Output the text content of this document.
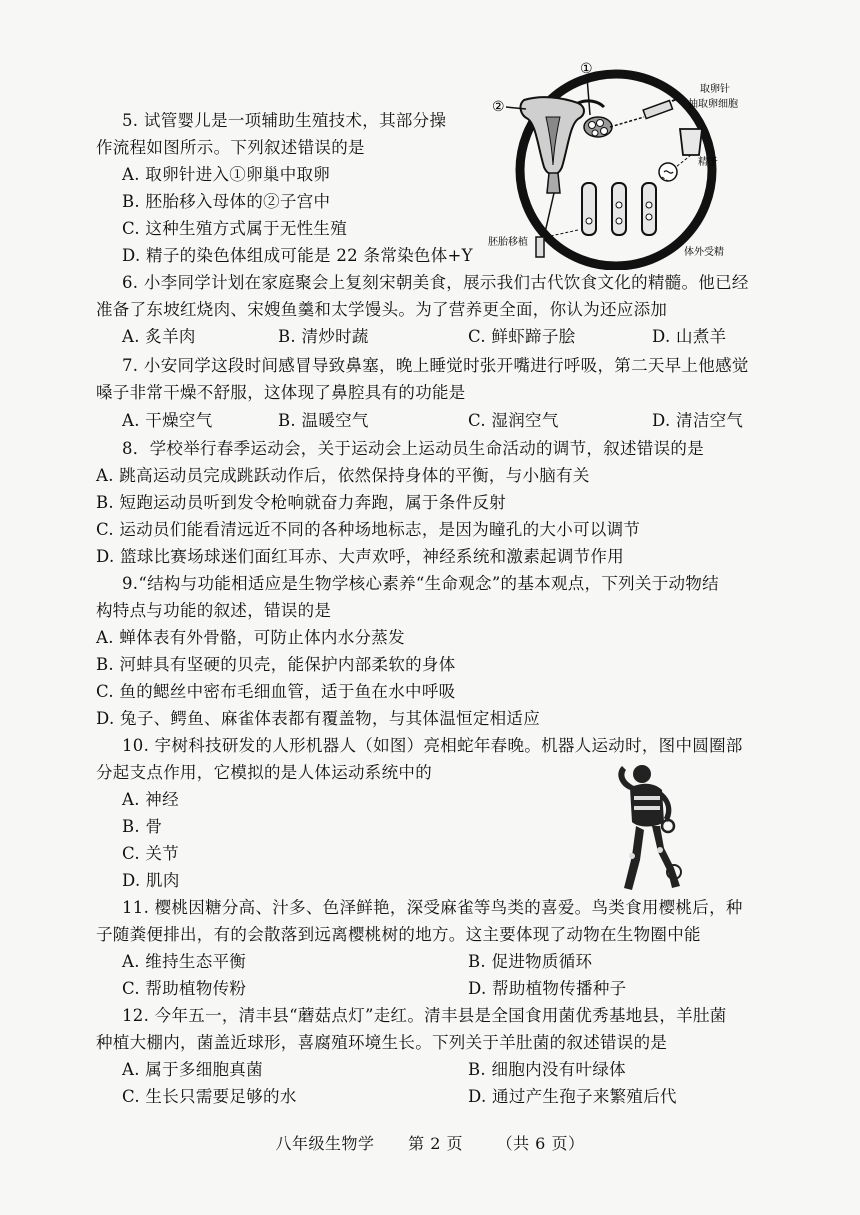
5. 试管婴儿是一项辅助生殖技术，其部分操
作流程如图所示。下列叙述错误的是
A. 取卵针进入①卵巢中取卵
B. 胚胎移入母体的②子宫中
C. 这种生殖方式属于无性生殖
D. 精子的染色体组成可能是 22 条常染色体+Y
①
②
取卵针
抽取卵细胞
精子
体外受精
胚胎移植
6. 小李同学计划在家庭聚会上复刻宋朝美食，展示我们古代饮食文化的精髓。他已经
准备了东坡红烧肉、宋嫂鱼羹和太学馒头。为了营养更全面，你认为还应添加
A. 炙羊肉	B. 清炒时蔬	C. 鲜虾蹄子脍	D. 山煮羊
7. 小安同学这段时间感冒导致鼻塞，晚上睡觉时张开嘴进行呼吸，第二天早上他感觉
嗓子非常干燥不舒服，这体现了鼻腔具有的功能是
A. 干燥空气	B. 温暖空气	C. 湿润空气	D. 清洁空气
8．学校举行春季运动会，关于运动会上运动员生命活动的调节，叙述错误的是
A. 跳高运动员完成跳跃动作后，依然保持身体的平衡，与小脑有关
B. 短跑运动员听到发令枪响就奋力奔跑，属于条件反射
C. 运动员们能看清远近不同的各种场地标志，是因为瞳孔的大小可以调节
D. 篮球比赛场球迷们面红耳赤、大声欢呼，神经系统和激素起调节作用
9.“结构与功能相适应是生物学核心素养“生命观念”的基本观点，下列关于动物结
构特点与功能的叙述，错误的是
A. 蝉体表有外骨骼，可防止体内水分蒸发
B. 河蚌具有坚硬的贝壳，能保护内部柔软的身体
C. 鱼的鳃丝中密布毛细血管，适于鱼在水中呼吸
D. 兔子、鳄鱼、麻雀体表都有覆盖物，与其体温恒定相适应
10. 宇树科技研发的人形机器人（如图）亮相蛇年春晚。机器人运动时，图中圆圈部
分起支点作用，它模拟的是人体运动系统中的
A. 神经
B. 骨
C. 关节
D. 肌肉
11. 樱桃因糖分高、汁多、色泽鲜艳，深受麻雀等鸟类的喜爱。鸟类食用樱桃后，种
子随粪便排出，有的会散落到远离樱桃树的地方。这主要体现了动物在生物圈中能
A. 维持生态平衡	B. 促进物质循环
C. 帮助植物传粉	D. 帮助植物传播种子
12. 今年五一，清丰县“蘑菇点灯”走红。清丰县是全国食用菌优秀基地县，羊肚菌
种植大棚内，菌盖近球形，喜腐殖环境生长。下列关于羊肚菌的叙述错误的是
A. 属于多细胞真菌	B. 细胞内没有叶绿体
C. 生长只需要足够的水	D. 通过产生孢子来繁殖后代
八年级生物学 第 2 页 （共 6 页）
